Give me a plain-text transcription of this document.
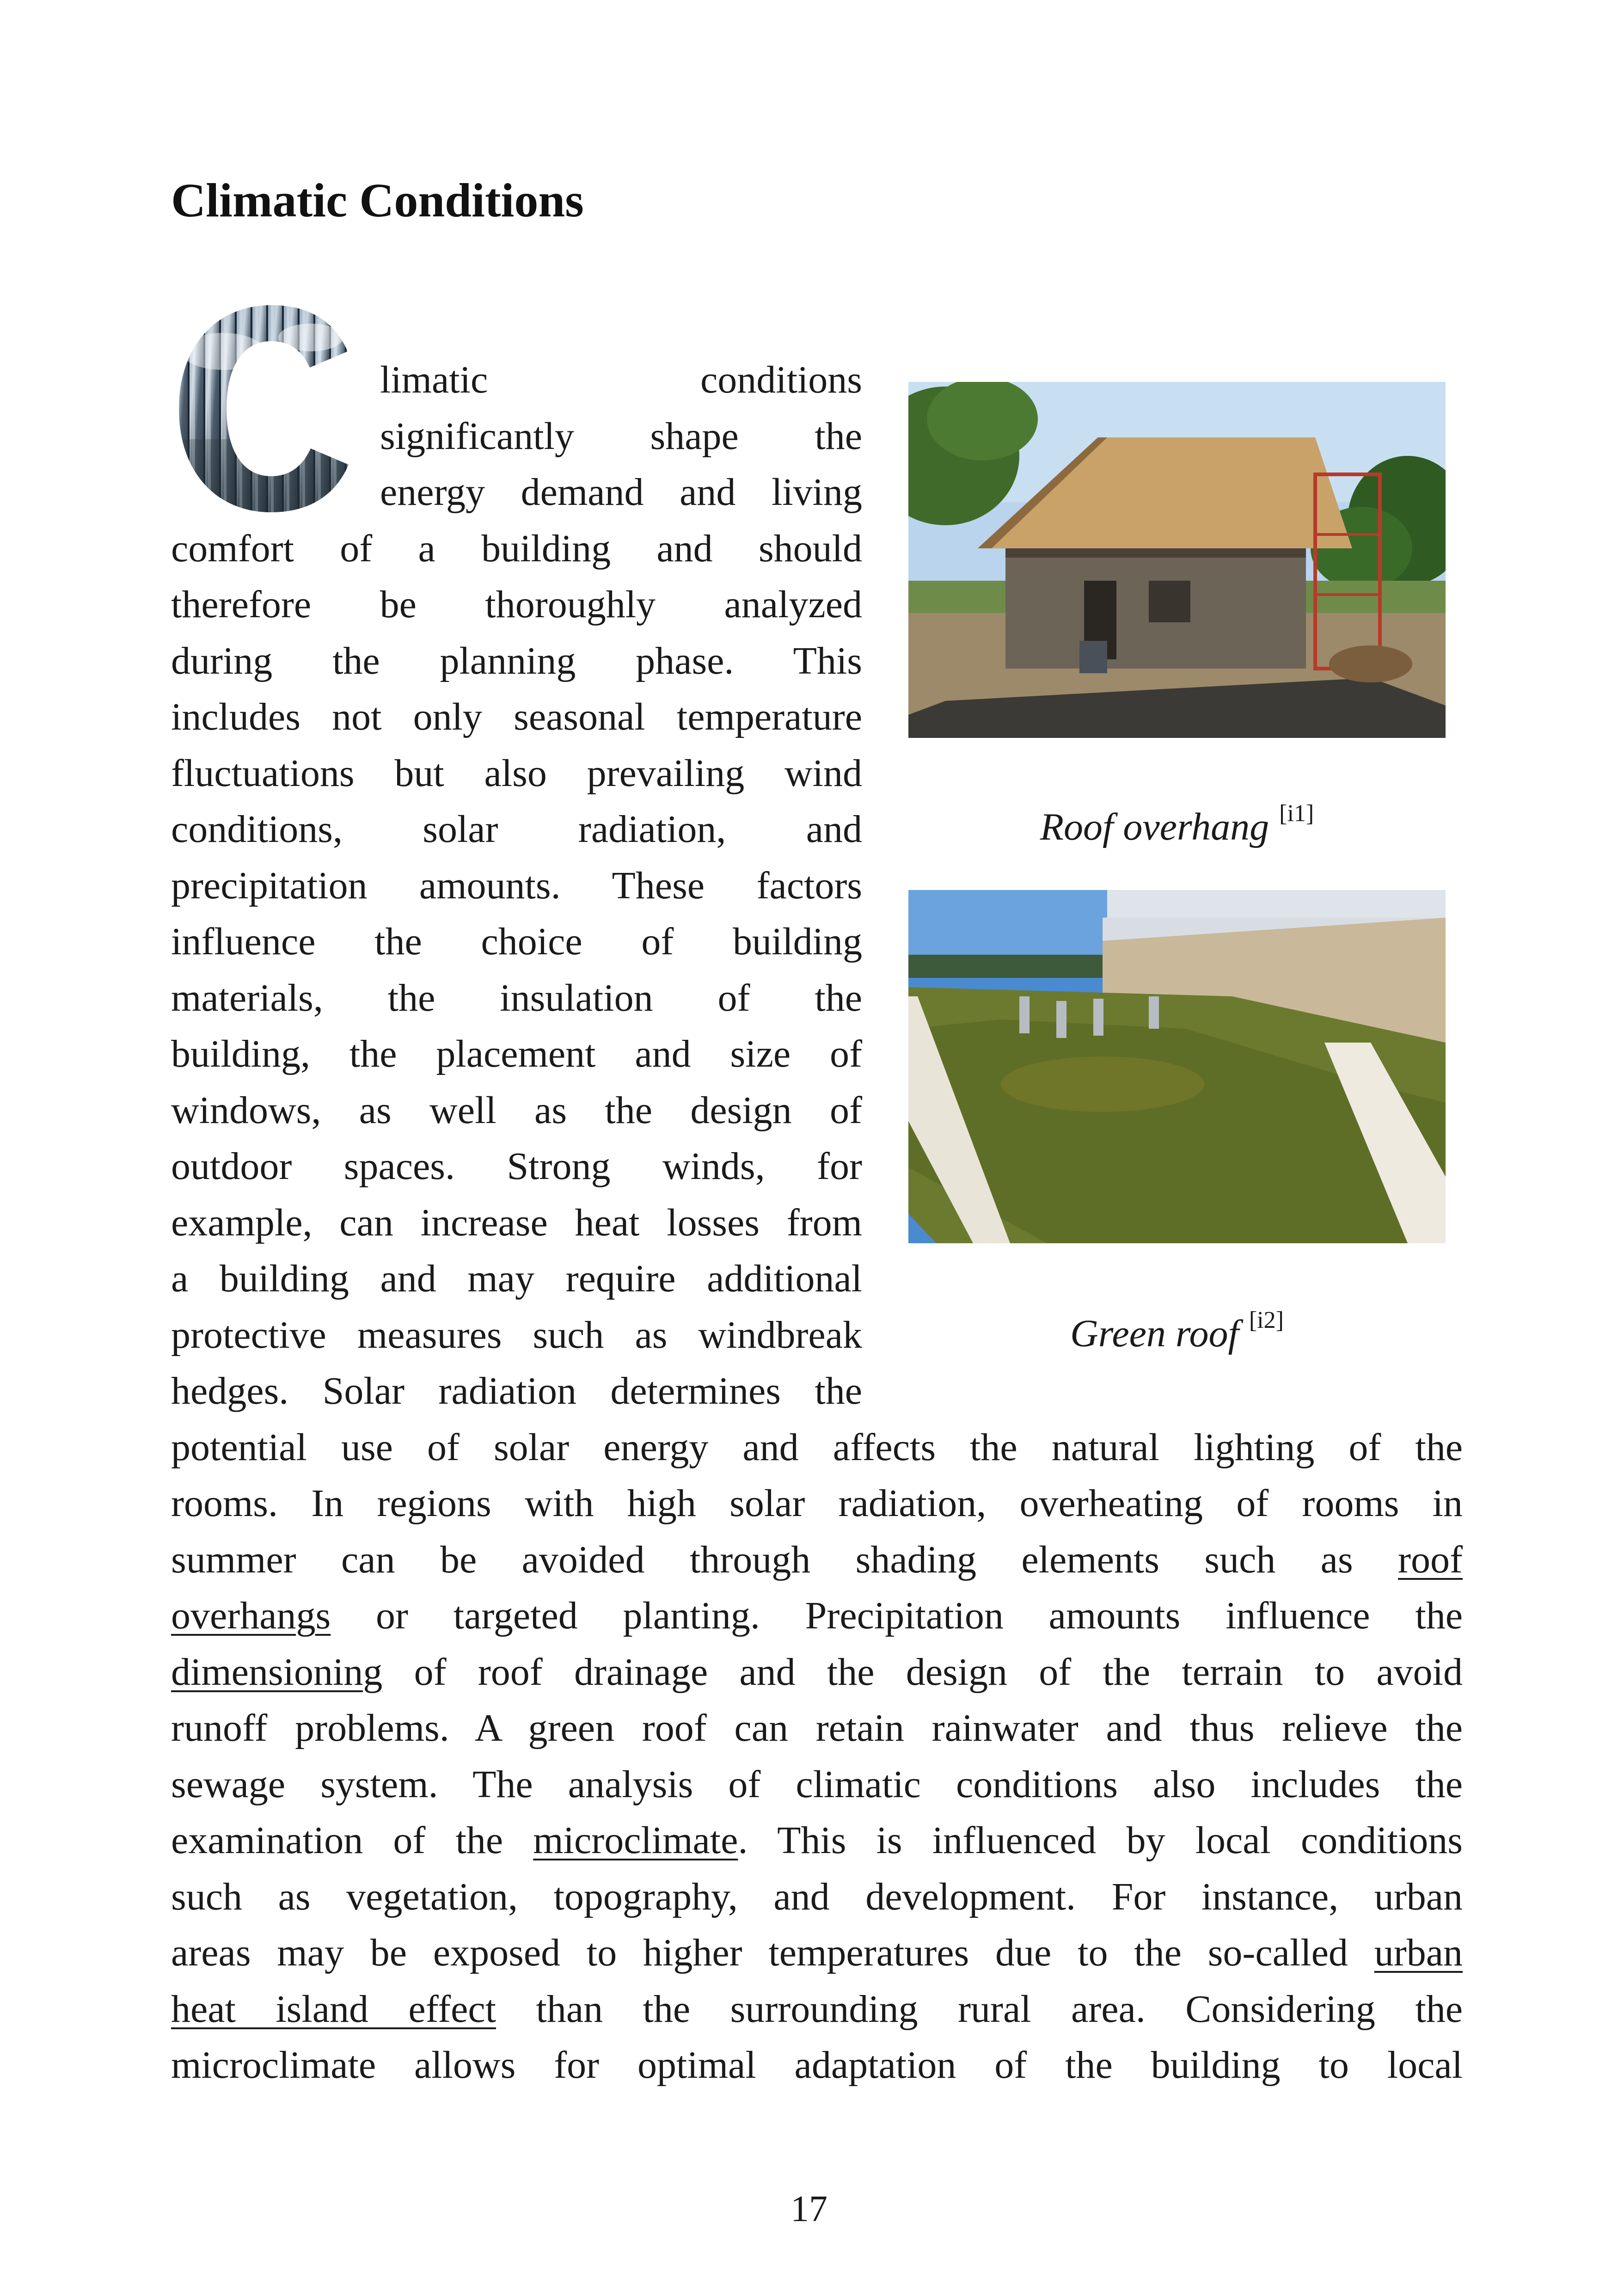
Climatic Conditions
limatic conditions
significantly shape the
energy demand and living
comfort of a building and should
therefore be thoroughly analyzed
during the planning phase. This
includes not only seasonal temperature
fluctuations but also prevailing wind
conditions, solar radiation, and
precipitation amounts. These factors
influence the choice of building
materials, the insulation of the
building, the placement and size of
windows, as well as the design of
outdoor spaces. Strong winds, for
example, can increase heat losses from
a building and may require additional
protective measures such as windbreak
hedges. Solar radiation determines the
potential use of solar energy and affects the natural lighting of the
rooms. In regions with high solar radiation, overheating of rooms in
summer can be avoided through shading elements such as roof
overhangs or targeted planting. Precipitation amounts influence the
dimensioning of roof drainage and the design of the terrain to avoid
runoff problems. A green roof can retain rainwater and thus relieve the
sewage system. The analysis of climatic conditions also includes the
examination of the microclimate. This is influenced by local conditions
such as vegetation, topography, and development. For instance, urban
areas may be exposed to higher temperatures due to the so-called urban
heat island effect than the surrounding rural area. Considering the
microclimate allows for optimal adaptation of the building to local
Roof overhang [i1]
Green roof [i2]
17
